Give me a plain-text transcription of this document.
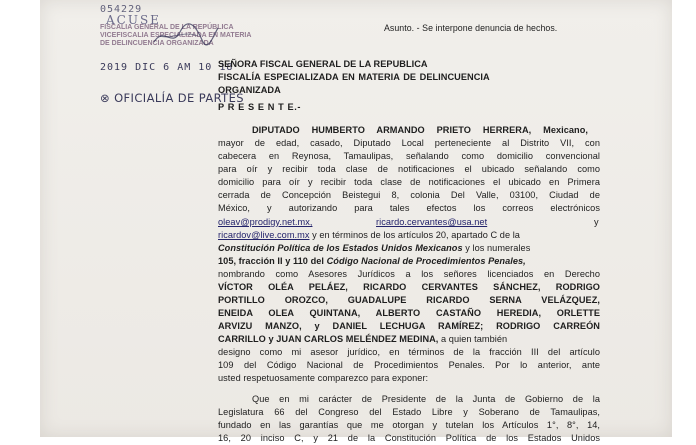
054229
ACUSE
FISCALIA GENERAL DE LA REPÚBLICA
VICEFISCALIA ESPECIALIZADA EN MATERIA
DE DELINCUENCIA ORGANIZADA
2019 DIC 6 AM 10 18
⊗ OFICIALÍA DE PARTES
Asunto. - Se interpone denuncia de hechos.
SEÑORA FISCAL GENERAL DE LA REPUBLICA
FISCALÍA ESPECIALIZADA EN MATERIA DE DELINCUENCIA
ORGANIZADA
P R E S E N T E.-
DIPUTADO HUMBERTO ARMANDO PRIETO HERRERA, Mexicano,
mayor de edad, casado, Diputado Local perteneciente al Distrito VII, con
cabecera en Reynosa, Tamaulipas, señalando como domicilio convencional
para oír y recibir toda clase de notificaciones el ubicado señalando como
domicilio para oír y recibir toda clase de notificaciones el ubicado en Primera
cerrada de Concepción Beistegui 8, colonia Del Valle, 03100, Ciudad de
México, y autorizando para tales efectos los correos electrónicos
oleav@prodigy.net.mx,	ricardo.cervantes@usa.net	y
ricardov@live.com.mx y en términos de los artículos 20, apartado C de la
Constitución Política de los Estados Unidos Mexicanos y los numerales
105, fracción II y 110 del Código Nacional de Procedimientos Penales,
nombrando como Asesores Jurídicos a los señores licenciados en Derecho
VÍCTOR OLÉA PELÁEZ, RICARDO CERVANTES SÁNCHEZ, RODRIGO
PORTILLO OROZCO, GUADALUPE RICARDO SERNA VELÁZQUEZ,
ENEIDA OLEA QUINTANA, ALBERTO CASTAÑO HEREDIA, ORLETTE
ARVIZU MANZO, y DANIEL LECHUGA RAMÍREZ; RODRIGO CARREÓN
CARRILLO y JUAN CARLOS MELÉNDEZ MEDINA, a quien también
designo como mi asesor jurídico, en términos de la fracción III del artículo
109 del Código Nacional de Procedimientos Penales. Por lo anterior, ante
usted respetuosamente comparezco para exponer:
Que en mi carácter de Presidente de la Junta de Gobierno de la
Legislatura 66 del Congreso del Estado Libre y Soberano de Tamaulipas,
fundado en las garantías que me otorgan y tutelan los Artículos 1°, 8°, 14,
16, 20 inciso C, y 21 de la Constitución Política de los Estados Unidos
